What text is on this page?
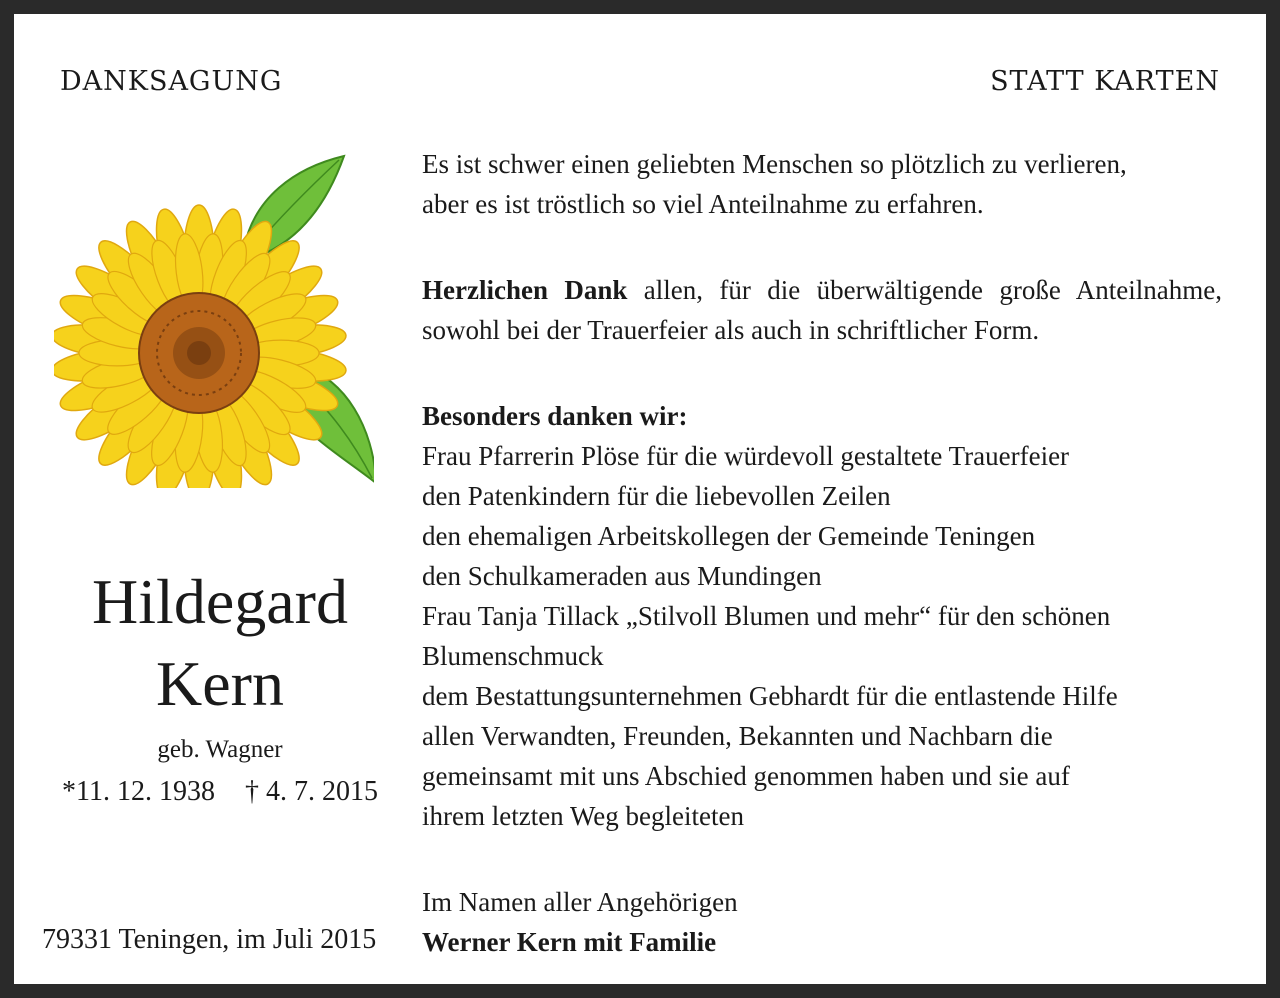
DANKSAGUNG	STATT KARTEN
Hildegard
Kern
geb. Wagner
*11. 12. 1938 † 4. 7. 2015
79331 Teningen, im Juli 2015
Es ist schwer einen geliebten Menschen so plötzlich zu verlieren,
aber es ist tröstlich so viel Anteilnahme zu erfahren.

Herzlichen Dank allen, für die überwältigende große Anteilnahme, sowohl bei der Trauerfeier als auch in schriftlicher Form.

Besonders danken wir:
Frau Pfarrerin Plöse für die würdevoll gestaltete Trauerfeier
den Patenkindern für die liebevollen Zeilen
den ehemaligen Arbeitskollegen der Gemeinde Teningen
den Schulkameraden aus Mundingen
Frau Tanja Tillack „Stilvoll Blumen und mehr“ für den schönen
Blumenschmuck
dem Bestattungsunternehmen Gebhardt für die entlastende Hilfe
allen Verwandten, Freunden, Bekannten und Nachbarn die
gemeinsamt mit uns Abschied genommen haben und sie auf
ihrem letzten Weg begleiteten
Im Namen aller Angehörigen
Werner Kern mit Familie
